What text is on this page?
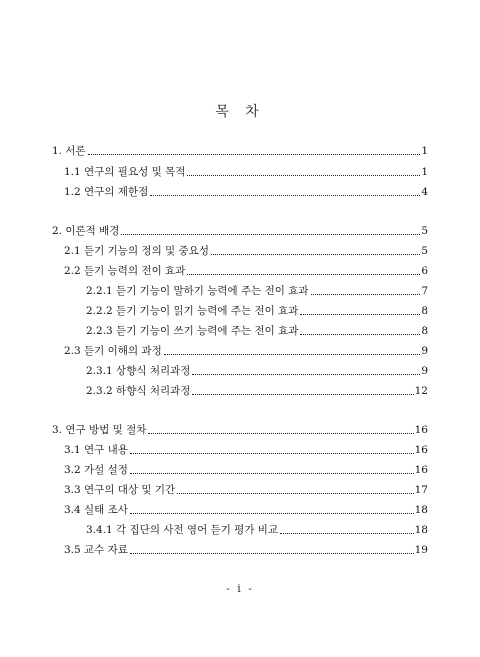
목 차
1. 서론	1
1.1 연구의 필요성 및 목적	1
1.2 연구의 제한점	4
2. 이론적 배경	5
2.1 듣기 기능의 정의 및 중요성	5
2.2 듣기 능력의 전이 효과	6
2.2.1 듣기 기능이 말하기 능력에 주는 전이 효과	7
2.2.2 듣기 기능이 읽기 능력에 주는 전이 효과	8
2.2.3 듣기 기능이 쓰기 능력에 주는 전이 효과	8
2.3 듣기 이해의 과정	9
2.3.1 상향식 처리과정	9
2.3.2 하향식 처리과정	12
3. 연구 방법 및 절차	16
3.1 연구 내용	16
3.2 가설 설정	16
3.3 연구의 대상 및 기간	17
3.4 실태 조사	18
3.4.1 각 집단의 사전 영어 듣기 평가 비교	18
3.5 교수 자료	19
- i -
